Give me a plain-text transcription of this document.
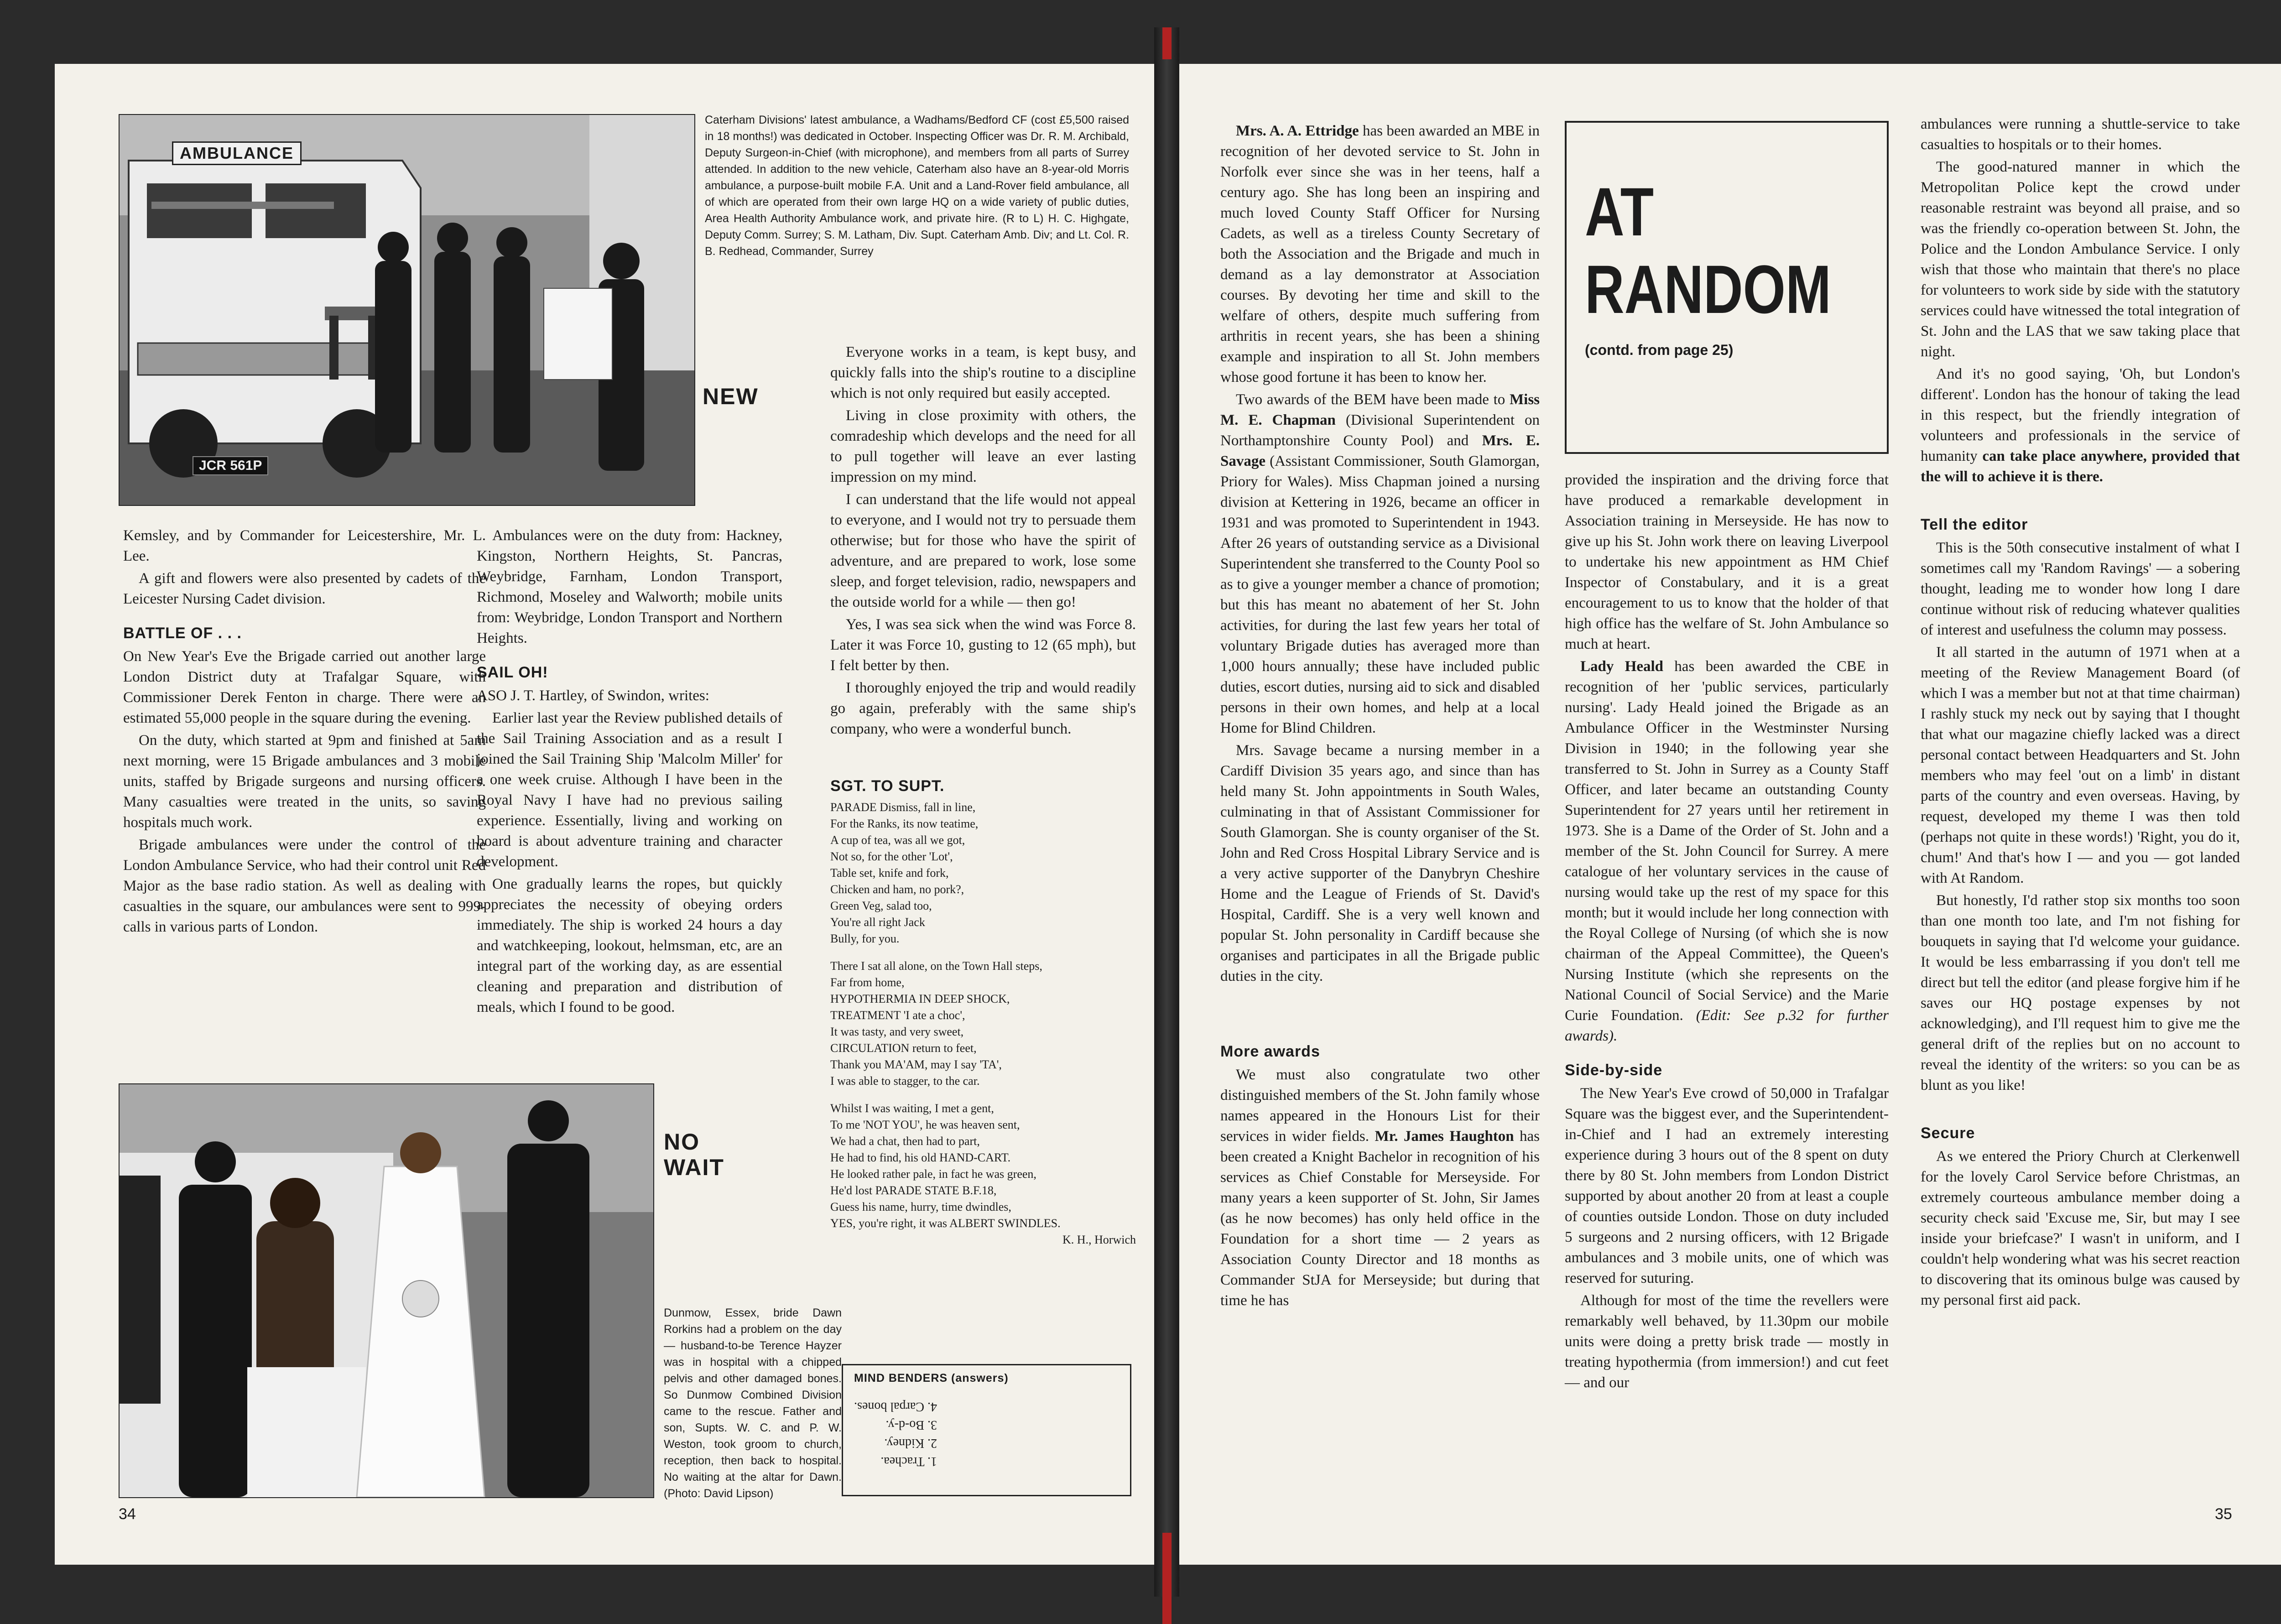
AMBULANCE
JCR 561P
Caterham Divisions' latest ambulance, a Wadhams/Bedford CF (cost £5,500 raised in 18 months!) was dedicated in October. Inspecting Officer was Dr. R. M. Archibald, Deputy Surgeon-in-Chief (with microphone), and members from all parts of Surrey attended. In addition to the new vehicle, Caterham also have an 8-year-old Morris ambulance, a purpose-built mobile F.A. Unit and a Land-Rover field ambulance, all of which are operated from their own large HQ on a wide variety of public duties, Area Health Authority Ambulance work, and private hire. (R to L) H. C. Highgate, Deputy Comm. Surrey; S. M. Latham, Div. Supt. Caterham Amb. Div; and Lt. Col. R. B. Redhead, Commander, Surrey
NEW

Kemsley, and by Commander for Leicestershire, Mr. L. Lee.

A gift and flowers were also presented by cadets of the Leicester Nursing Cadet division.

BATTLE OF . . .

On New Year's Eve the Brigade carried out another large London District duty at Trafalgar Square, with Commissioner Derek Fenton in charge. There were an estimated 55,000 people in the square during the evening.

On the duty, which started at 9pm and finished at 5am next morning, were 15 Brigade ambulances and 3 mobile units, staffed by Brigade surgeons and nursing officers. Many casualties were treated in the units, so saving hospitals much work.

Brigade ambulances were under the control of the London Ambulance Service, who had their control unit Red Major as the base radio station. As well as dealing with casualties in the square, our ambulances were sent to 999-calls in various parts of London.

Ambulances were on the duty from: Hackney, Kingston, Northern Heights, St. Pancras, Weybridge, Farnham, London Transport, Richmond, Moseley and Walworth; mobile units from: Weybridge, London Transport and Northern Heights.

SAIL OH!

ASO J. T. Hartley, of Swindon, writes:

Earlier last year the Review published details of the Sail Training Association and as a result I joined the Sail Training Ship 'Malcolm Miller' for a one week cruise. Although I have been in the Royal Navy I have had no previous sailing experience. Essentially, living and working on board is about adventure training and character development.

One gradually learns the ropes, but quickly appreciates the necessity of obeying orders immediately. The ship is worked 24 hours a day and watchkeeping, lookout, helmsman, etc, are an integral part of the working day, as are essential cleaning and preparation and distribution of meals, which I found to be good.

Everyone works in a team, is kept busy, and quickly falls into the ship's routine to a discipline which is not only required but easily accepted.

Living in close proximity with others, the comradeship which develops and the need for all to pull together will leave an ever lasting impression on my mind.

I can understand that the life would not appeal to everyone, and I would not try to persuade them otherwise; but for those who have the spirit of adventure, and are prepared to work, lose some sleep, and forget television, radio, newspapers and the outside world for a while — then go!

Yes, I was sea sick when the wind was Force 8. Later it was Force 10, gusting to 12 (65 mph), but I felt better by then.

I thoroughly enjoyed the trip and would readily go again, preferably with the same ship's company, who were a wonderful bunch.

SGT. TO SUPT.

PARADE Dismiss, fall in line,
For the Ranks, its now teatime,
A cup of tea, was all we got,
Not so, for the other 'Lot',
Table set, knife and fork,
Chicken and ham, no pork?,
Green Veg, salad too,
You're all right Jack
Bully, for you.

There I sat all alone, on the Town Hall steps,
Far from home,
HYPOTHERMIA IN DEEP SHOCK,
TREATMENT 'I ate a choc',
It was tasty, and very sweet,
CIRCULATION return to feet,
Thank you MA'AM, may I say 'TA',
I was able to stagger, to the car.

Whilst I was waiting, I met a gent,
To me 'NOT YOU', he was heaven sent,
We had a chat, then had to part,
He had to find, his old HAND-CART.
He looked rather pale, in fact he was green,
He'd lost PARADE STATE B.F.18,
Guess his name, hurry, time dwindles,
YES, you're right, it was ALBERT SWINDLES.

K. H., Horwich
NO WAIT
Dunmow, Essex, bride Dawn Rorkins had a problem on the day — husband-to-be Terence Hayzer was in hospital with a chipped pelvis and other damaged bones. So Dunmow Combined Division came to the rescue. Father and son, Supts. W. C. and P. W. Weston, took groom to church, reception, then back to hospital. No waiting at the altar for Dawn. (Photo: David Lipson)
MIND BENDERS (answers)
1. Trachea.
2. Kidney.
3. Bo-d-y.
4. Carpal bones.
34

Mrs. A. A. Ettridge has been awarded an MBE in recognition of her devoted service to St. John in Norfolk ever since she was in her teens, half a century ago. She has long been an inspiring and much loved County Staff Officer for Nursing Cadets, as well as a tireless County Secretary of both the Association and the Brigade and much in demand as a lay demonstrator at Association courses. By devoting her time and skill to the welfare of others, despite much suffering from arthritis in recent years, she has been a shining example and inspiration to all St. John members whose good fortune it has been to know her.

Two awards of the BEM have been made to Miss M. E. Chapman (Divisional Superintendent on Northamptonshire County Pool) and Mrs. E. Savage (Assistant Commissioner, South Glamorgan, Priory for Wales). Miss Chapman joined a nursing division at Kettering in 1926, became an officer in 1931 and was promoted to Superintendent in 1943. After 26 years of outstanding service as a Divisional Superintendent she transferred to the County Pool so as to give a younger member a chance of promotion; but this has meant no abatement of her St. John activities, for during the last few years her total of voluntary Brigade duties has averaged more than 1,000 hours annually; these have included public duties, escort duties, nursing aid to sick and disabled persons in their own homes, and help at a local Home for Blind Children.

Mrs. Savage became a nursing member in a Cardiff Division 35 years ago, and since than has held many St. John appointments in South Wales, culminating in that of Assistant Commissioner for South Glamorgan. She is county organiser of the St. John and Red Cross Hospital Library Service and is a very active supporter of the Danybryn Cheshire Home and the League of Friends of St. David's Hospital, Cardiff. She is a very well known and popular St. John personality in Cardiff because she organises and participates in all the Brigade public duties in the city.

More awards

We must also congratulate two other distinguished members of the St. John family whose names appeared in the Honours List for their services in wider fields. Mr. James Haughton has been created a Knight Bachelor in recognition of his services as Chief Constable for Merseyside. For many years a keen supporter of St. John, Sir James (as he now becomes) has only held office in the Foundation for a short time — 2 years as Association County Director and 18 months as Commander StJA for Merseyside; but during that time he has

AT
RANDOM
(contd. from page 25)

provided the inspiration and the driving force that have produced a remarkable development in Association training in Merseyside. He has now to give up his St. John work there on leaving Liverpool to undertake his new appointment as HM Chief Inspector of Constabulary, and it is a great encouragement to us to know that the holder of that high office has the welfare of St. John Ambulance so much at heart.

Lady Heald has been awarded the CBE in recognition of her 'public services, particularly nursing'. Lady Heald joined the Brigade as an Ambulance Officer in the Westminster Nursing Division in 1940; in the following year she transferred to St. John in Surrey as a County Staff Officer, and later became an outstanding County Superintendent for 27 years until her retirement in 1973. She is a Dame of the Order of St. John and a member of the St. John Council for Surrey. A mere catalogue of her voluntary services in the cause of nursing would take up the rest of my space for this month; but it would include her long connection with the Royal College of Nursing (of which she is now chairman of the Appeal Committee), the Queen's Nursing Institute (which she represents on the National Council of Social Service) and the Marie Curie Foundation. (Edit: See p.32 for further awards).

Side-by-side

The New Year's Eve crowd of 50,000 in Trafalgar Square was the biggest ever, and the Superintendent-in-Chief and I had an extremely interesting experience during 3 hours out of the 8 spent on duty there by 80 St. John members from London District supported by about another 20 from at least a couple of counties outside London. Those on duty included 5 surgeons and 2 nursing officers, with 12 Brigade ambulances and 3 mobile units, one of which was reserved for suturing.

Although for most of the time the revellers were remarkably well behaved, by 11.30pm our mobile units were doing a pretty brisk trade — mostly in treating hypothermia (from immersion!) and cut feet — and our

ambulances were running a shuttle-service to take casualties to hospitals or to their homes.

The good-natured manner in which the Metropolitan Police kept the crowd under reasonable restraint was beyond all praise, and so was the friendly co-operation between St. John, the Police and the London Ambulance Service. I only wish that those who maintain that there's no place for volunteers to work side by side with the statutory services could have witnessed the total integration of St. John and the LAS that we saw taking place that night.

And it's no good saying, 'Oh, but London's different'. London has the honour of taking the lead in this respect, but the friendly integration of volunteers and professionals in the service of humanity can take place anywhere, provided that the will to achieve it is there.

Tell the editor

This is the 50th consecutive instalment of what I sometimes call my 'Random Ravings' — a sobering thought, leading me to wonder how long I dare continue without risk of reducing whatever qualities of interest and usefulness the column may possess.

It all started in the autumn of 1971 when at a meeting of the Review Management Board (of which I was a member but not at that time chairman) I rashly stuck my neck out by saying that I thought that what our magazine chiefly lacked was a direct personal contact between Headquarters and St. John members who may feel 'out on a limb' in distant parts of the country and even overseas. Having, by request, developed my theme I was then told (perhaps not quite in these words!) 'Right, you do it, chum!' And that's how I — and you — got landed with At Random.

But honestly, I'd rather stop six months too soon than one month too late, and I'm not fishing for bouquets in saying that I'd welcome your guidance. It would be less embarrassing if you don't tell me direct but tell the editor (and please forgive him if he saves our HQ postage expenses by not acknowledging), and I'll request him to give me the general drift of the replies but on no account to reveal the identity of the writers: so you can be as blunt as you like!

Secure

As we entered the Priory Church at Clerkenwell for the lovely Carol Service before Christmas, an extremely courteous ambulance member doing a security check said 'Excuse me, Sir, but may I see inside your briefcase?' I wasn't in uniform, and I couldn't help wondering what was his secret reaction to discovering that its ominous bulge was caused by my personal first aid pack.

35
